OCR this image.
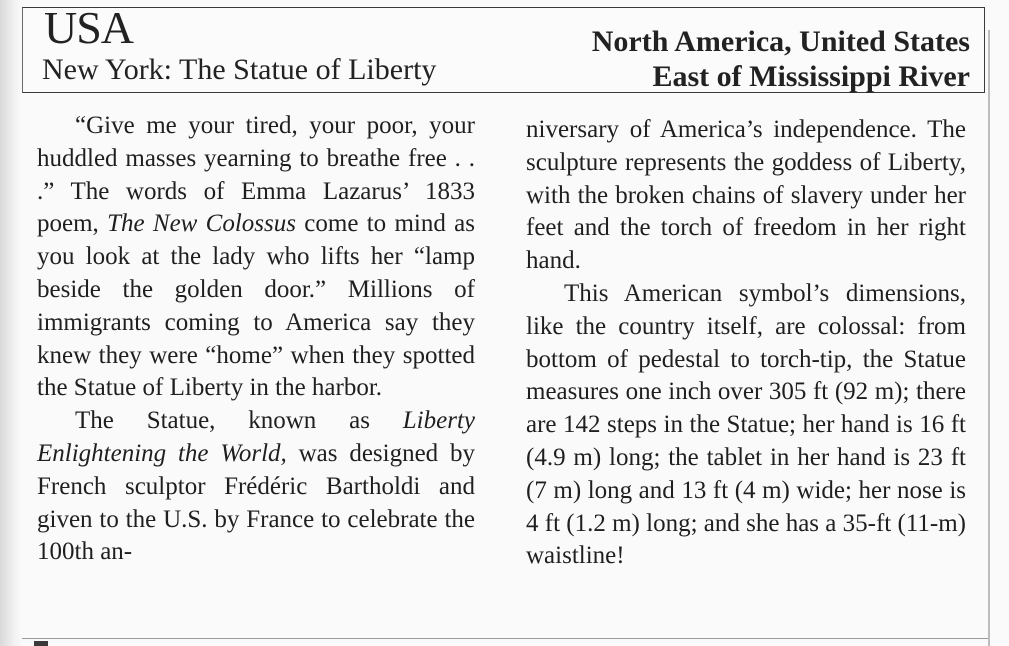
USA
New York: The Statue of Liberty
North America, United States
East of Mississippi River

“Give me your tired, your poor, your huddled masses yearning to breathe free . . .” The words of Emma Lazarus’ 1833 poem, The New Colossus come to mind as you look at the lady who lifts her “lamp beside the golden door.” Millions of immigrants coming to America say they knew they were “home” when they spotted the Statue of Liberty in the harbor.

The Statue, known as Liberty Enlightening the World, was designed by French sculptor Frédéric Bartholdi and given to the U.S. by France to celebrate the 100th an-

niversary of America’s independence. The sculpture represents the goddess of Liberty, with the broken chains of slavery under her feet and the torch of freedom in her right hand.

This American symbol’s dimensions, like the country itself, are colossal: from bottom of pedestal to torch-tip, the Statue measures one inch over 305 ft (92 m); there are 142 steps in the Statue; her hand is 16 ft (4.9 m) long; the tablet in her hand is 23 ft (7 m) long and 13 ft (4 m) wide; her nose is 4 ft (1.2 m) long; and she has a 35-ft (11-m) waistline!
